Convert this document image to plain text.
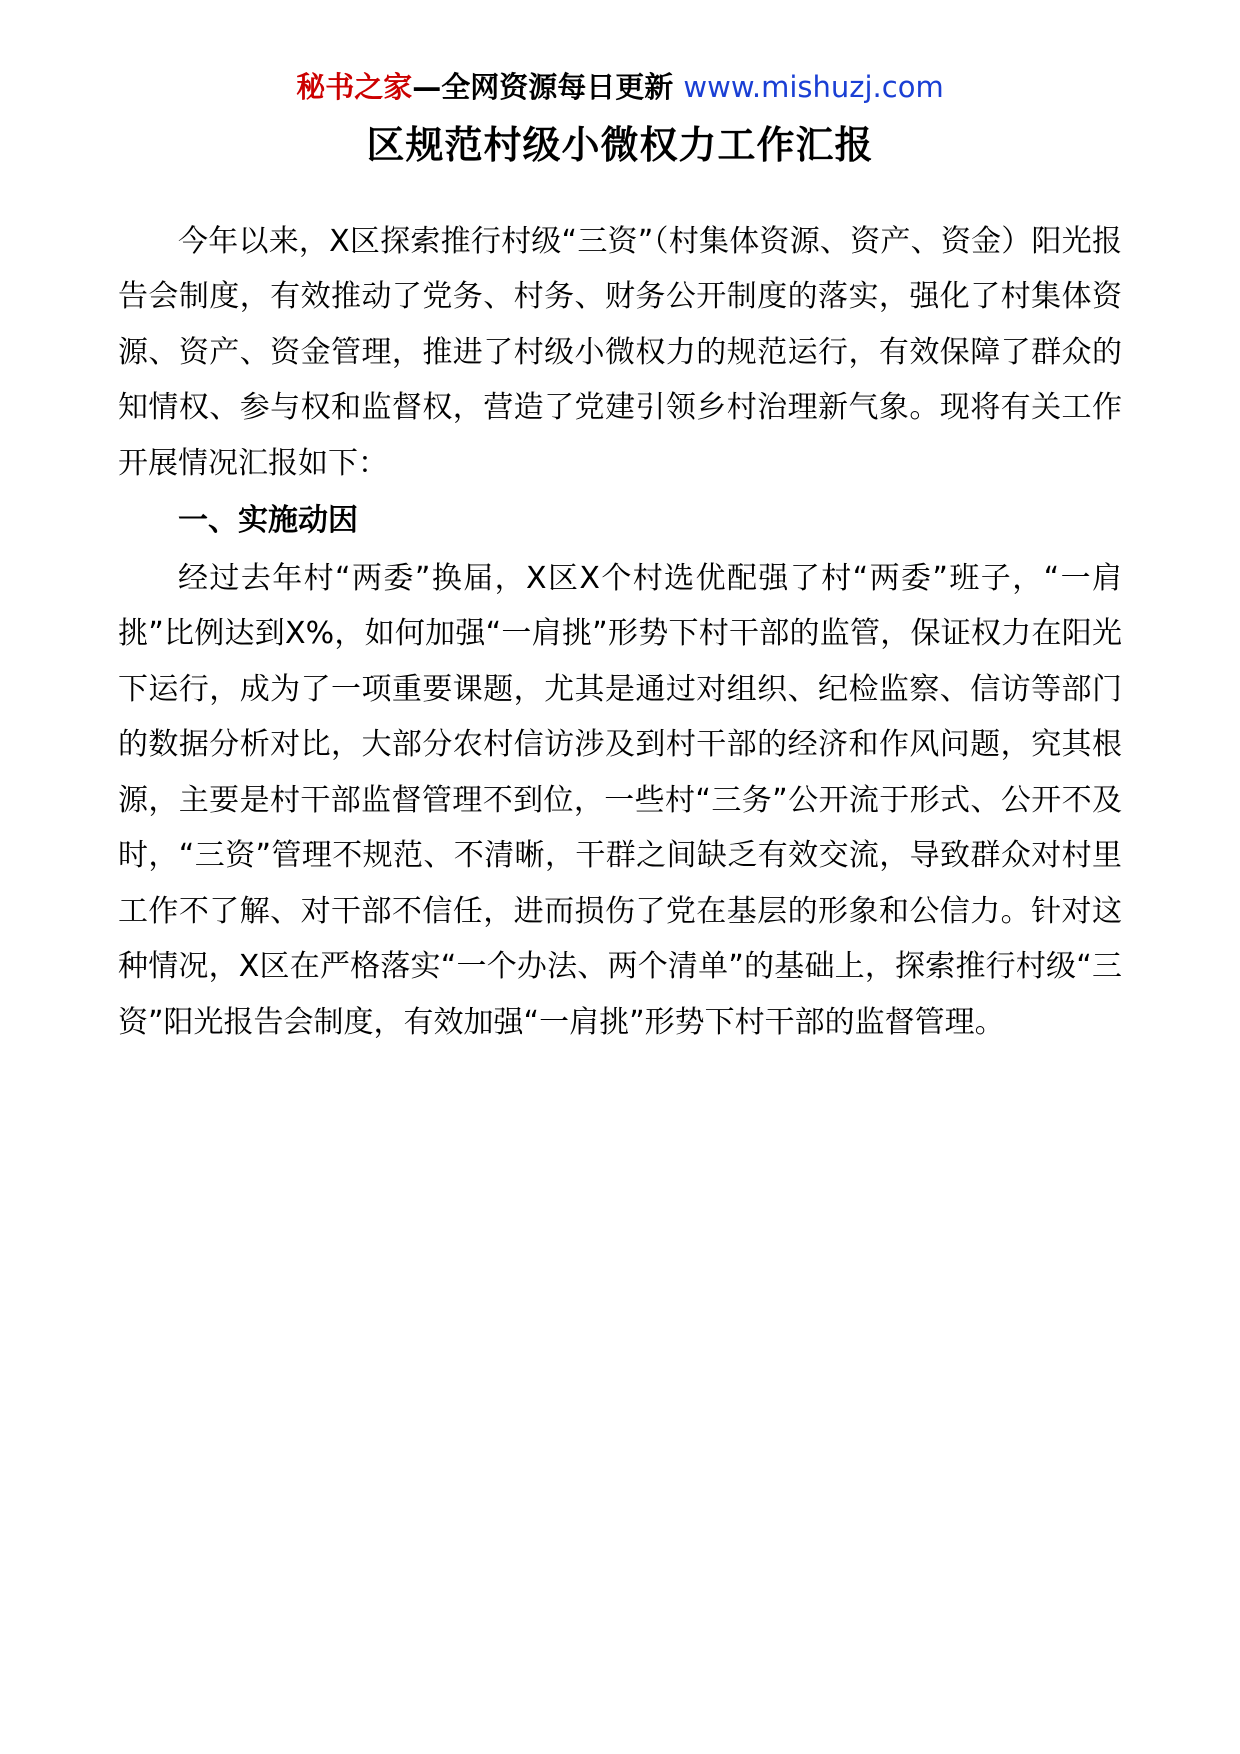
秘书之家—全网资源每日更新 www.mishuzj.com
区规范村级小微权力工作汇报

今年以来，X区探索推行村级“三资”（村集体资源、资产、资金）阳光报告会制度，有效推动了党务、村务、财务公开制度的落实，强化了村集体资源、资产、资金管理，推进了村级小微权力的规范运行，有效保障了群众的知情权、参与权和监督权，营造了党建引领乡村治理新气象。现将有关工作开展情况汇报如下：

一、实施动因

经过去年村“两委”换届，X区X个村选优配强了村“两委”班子，“一肩挑”比例达到X%，如何加强“一肩挑”形势下村干部的监管，保证权力在阳光下运行，成为了一项重要课题，尤其是通过对组织、纪检监察、信访等部门的数据分析对比，大部分农村信访涉及到村干部的经济和作风问题，究其根源，主要是村干部监督管理不到位，一些村“三务”公开流于形式、公开不及时，“三资”管理不规范、不清晰，干群之间缺乏有效交流，导致群众对村里工作不了解、对干部不信任，进而损伤了党在基层的形象和公信力。针对这种情况，X区在严格落实“一个办法、两个清单”的基础上，探索推行村级“三资”阳光报告会制度，有效加强“一肩挑”形势下村干部的监督管理。
